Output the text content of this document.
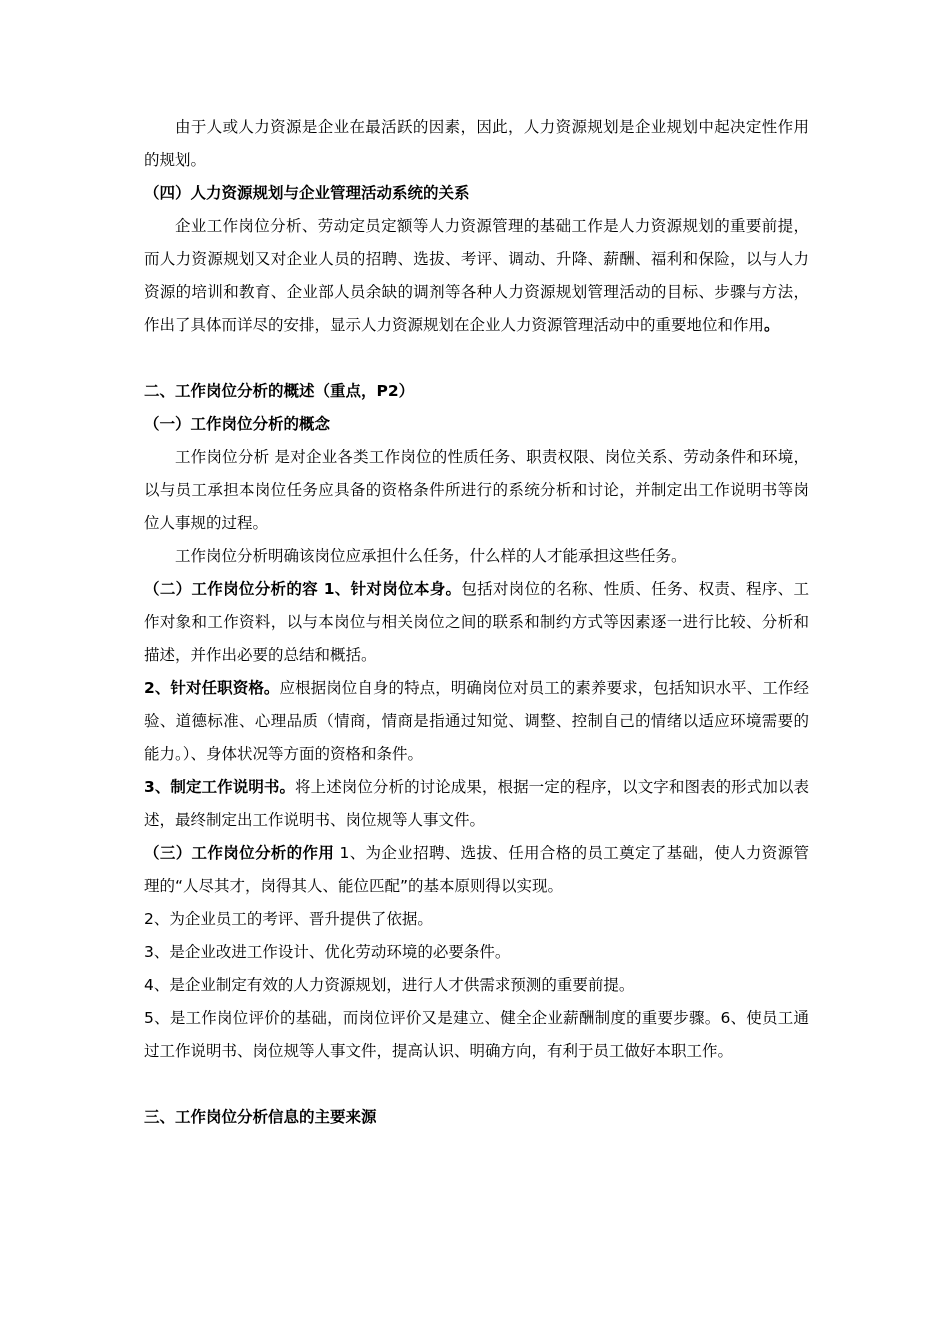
由于人或人力资源是企业在最活跃的因素，因此，人力资源规划是企业规划中起决定性作用的规划。

（四）人力资源规划与企业管理活动系统的关系

企业工作岗位分析、劳动定员定额等人力资源管理的基础工作是人力资源规划的重要前提，而人力资源规划又对企业人员的招聘、选拔、考评、调动、升降、薪酬、福利和保险，以与人力资源的培训和教育、企业部人员余缺的调剂等各种人力资源规划管理活动的目标、步骤与方法，作出了具体而详尽的安排，显示人力资源规划在企业人力资源管理活动中的重要地位和作用。

二、工作岗位分析的概述（重点，P2）

（一）工作岗位分析的概念

工作岗位分析 是对企业各类工作岗位的性质任务、职责权限、岗位关系、劳动条件和环境，以与员工承担本岗位任务应具备的资格条件所进行的系统分析和讨论，并制定出工作说明书等岗位人事规的过程。

工作岗位分析明确该岗位应承担什么任务，什么样的人才能承担这些任务。

（二）工作岗位分析的容 1、针对岗位本身。包括对岗位的名称、性质、任务、权责、程序、工作对象和工作资料，以与本岗位与相关岗位之间的联系和制约方式等因素逐一进行比较、分析和描述，并作出必要的总结和概括。

2、针对任职资格。应根据岗位自身的特点，明确岗位对员工的素养要求，包括知识水平、工作经验、道德标准、心理品质（情商，情商是指通过知觉、调整、控制自己的情绪以适应环境需要的能力。）、身体状况等方面的资格和条件。

3、制定工作说明书。将上述岗位分析的讨论成果，根据一定的程序，以文字和图表的形式加以表述，最终制定出工作说明书、岗位规等人事文件。

（三）工作岗位分析的作用 1、为企业招聘、选拔、任用合格的员工奠定了基础，使人力资源管理的“人尽其才，岗得其人、能位匹配”的基本原则得以实现。

2、为企业员工的考评、晋升提供了依据。

3、是企业改进工作设计、优化劳动环境的必要条件。

4、是企业制定有效的人力资源规划，进行人才供需求预测的重要前提。

5、是工作岗位评价的基础，而岗位评价又是建立、健全企业薪酬制度的重要步骤。6、使员工通过工作说明书、岗位规等人事文件，提高认识、明确方向，有利于员工做好本职工作。

三、工作岗位分析信息的主要来源
